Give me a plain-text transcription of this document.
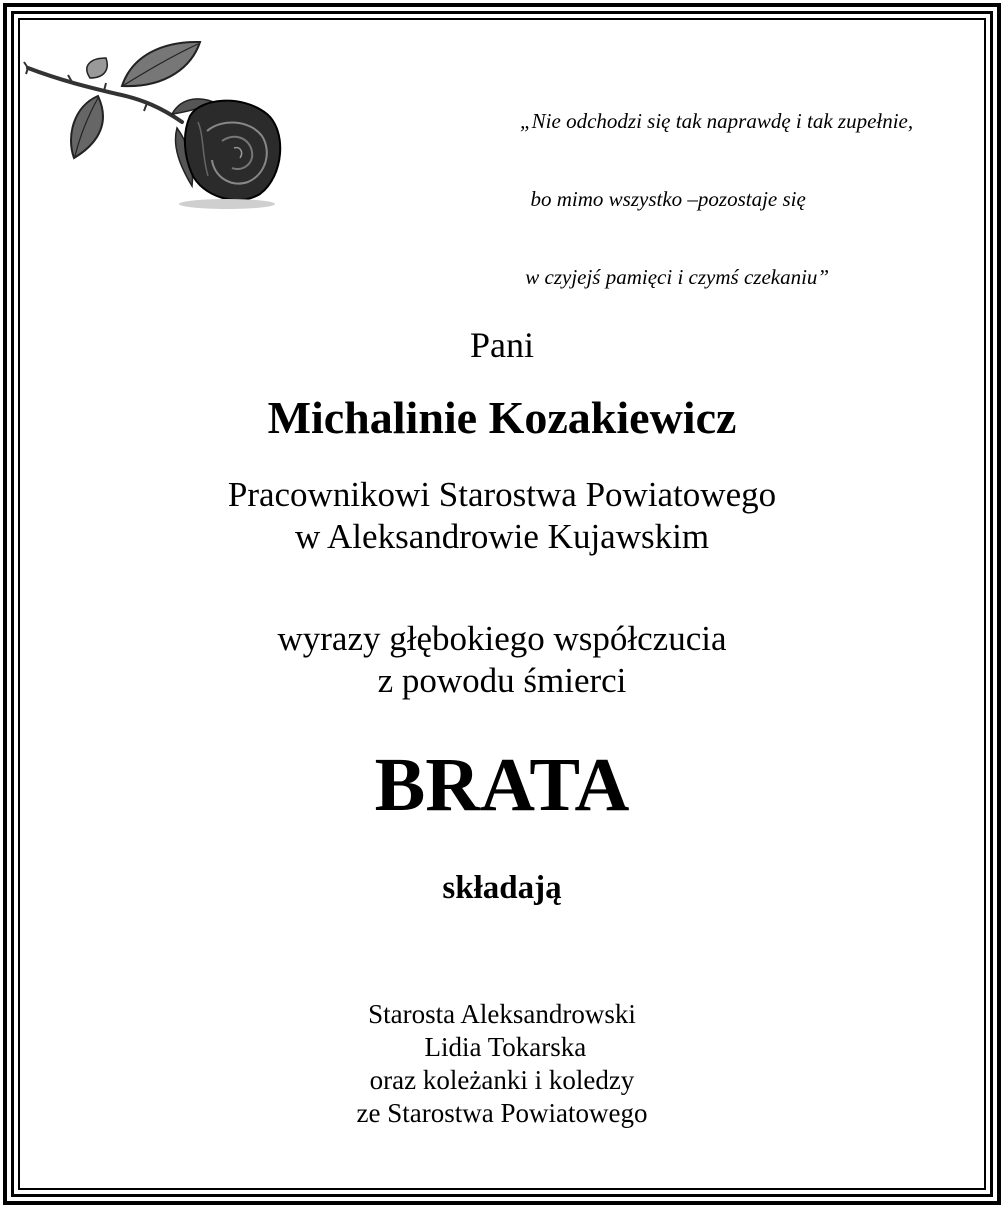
„Nie odchodzi się tak naprawdę i tak zupełnie,

bo mimo wszystko –pozostaje się

w czyjejś pamięci i czymś czekaniu”

Pani
Michalinie Kozakiewicz
Pracownikowi Starostwa Powiatowego
w Aleksandrowie Kujawskim
wyrazy głębokiego współczucia
z powodu śmierci
BRATA
składają
Starosta Aleksandrowski
Lidia Tokarska
oraz koleżanki i koledzy
ze Starostwa Powiatowego
